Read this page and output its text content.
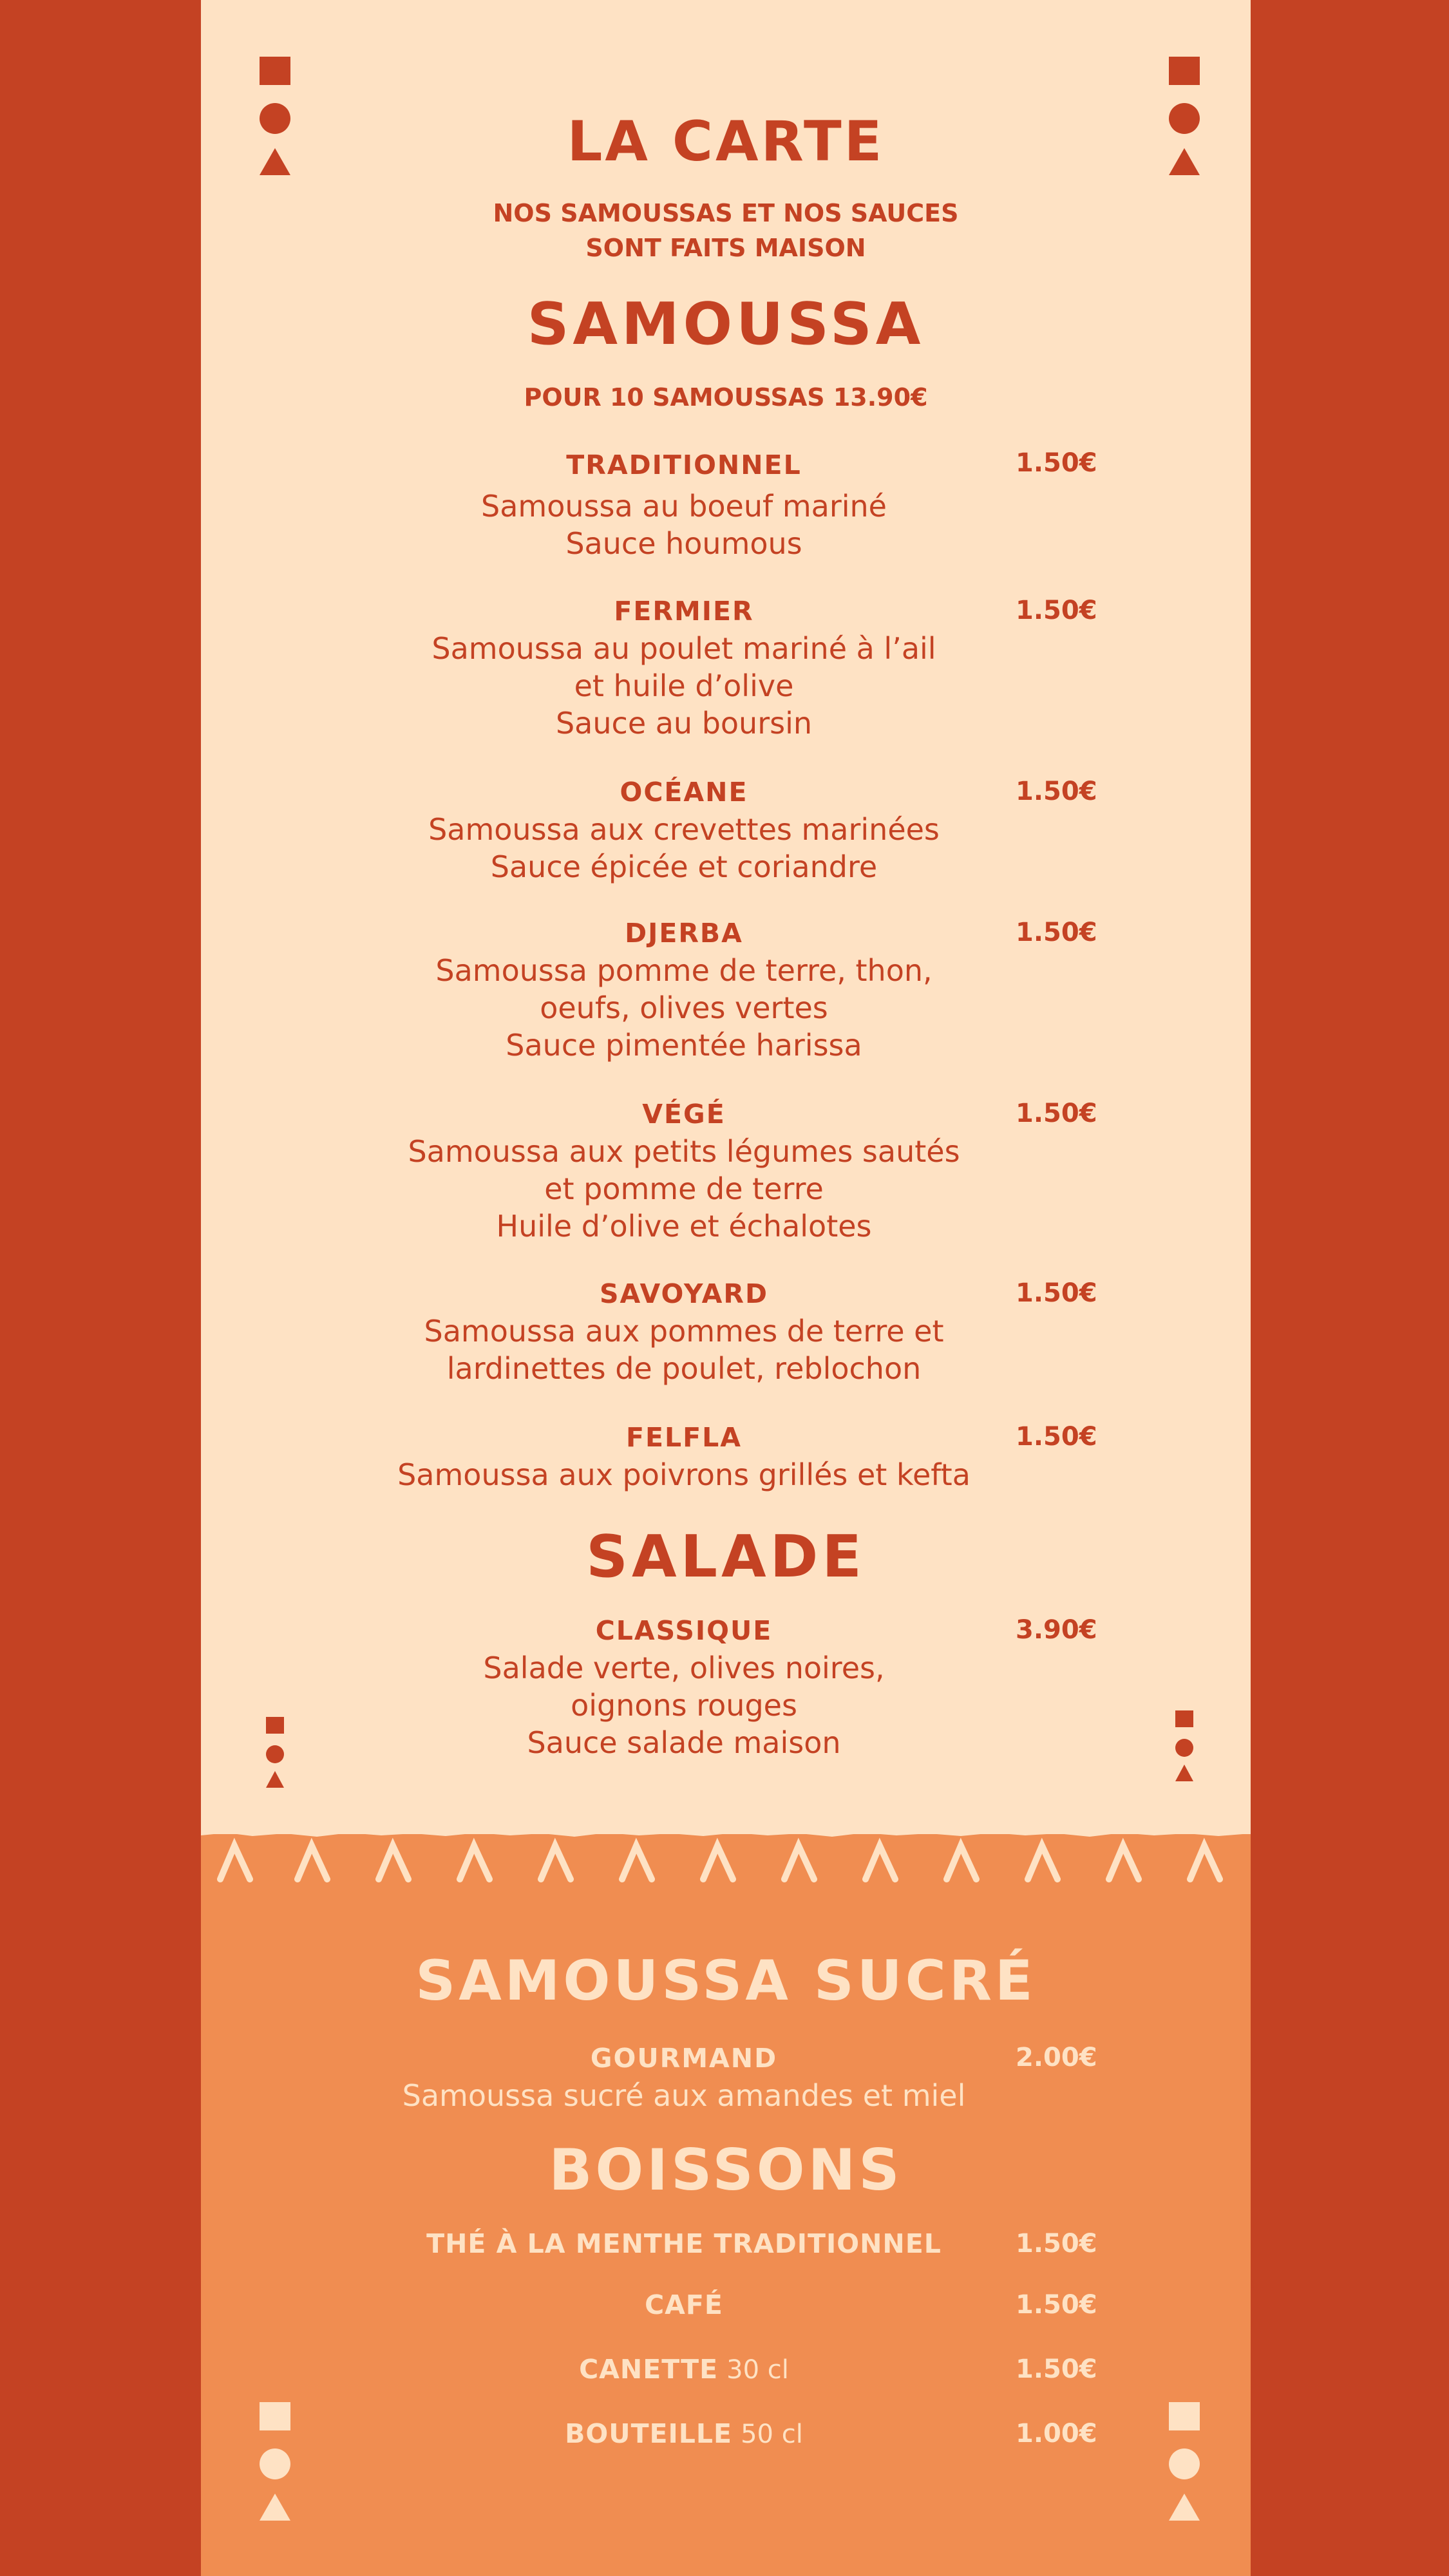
LA CARTE
NOS SAMOUSSAS ET NOS SAUCES
SONT FAITS MAISON
SAMOUSSA
POUR 10 SAMOUSSAS 13.90€
TRADITIONNEL
Samoussa au boeuf mariné
Sauce houmous
1.50€
FERMIER
Samoussa au poulet mariné à l’ail
et huile d’olive
Sauce au boursin
1.50€
OCÉANE
Samoussa aux crevettes marinées
Sauce épicée et coriandre
1.50€
DJERBA
Samoussa pomme de terre, thon,
oeufs, olives vertes
Sauce pimentée harissa
1.50€
VÉGÉ
Samoussa aux petits légumes sautés
et pomme de terre
Huile d’olive et échalotes
1.50€
SAVOYARD
Samoussa aux pommes de terre et
lardinettes de poulet, reblochon
1.50€
FELFLA
Samoussa aux poivrons grillés et kefta
1.50€
SALADE
CLASSIQUE
Salade verte, olives noires,
oignons rouges
Sauce salade maison
3.90€
SAMOUSSA SUCRÉ
GOURMAND
Samoussa sucré aux amandes et miel
2.00€
BOISSONS
THÉ À LA MENTHE TRADITIONNEL	1.50€
CAFÉ	1.50€
CANETTE 30 cl	1.50€
BOUTEILLE 50 cl	1.00€
